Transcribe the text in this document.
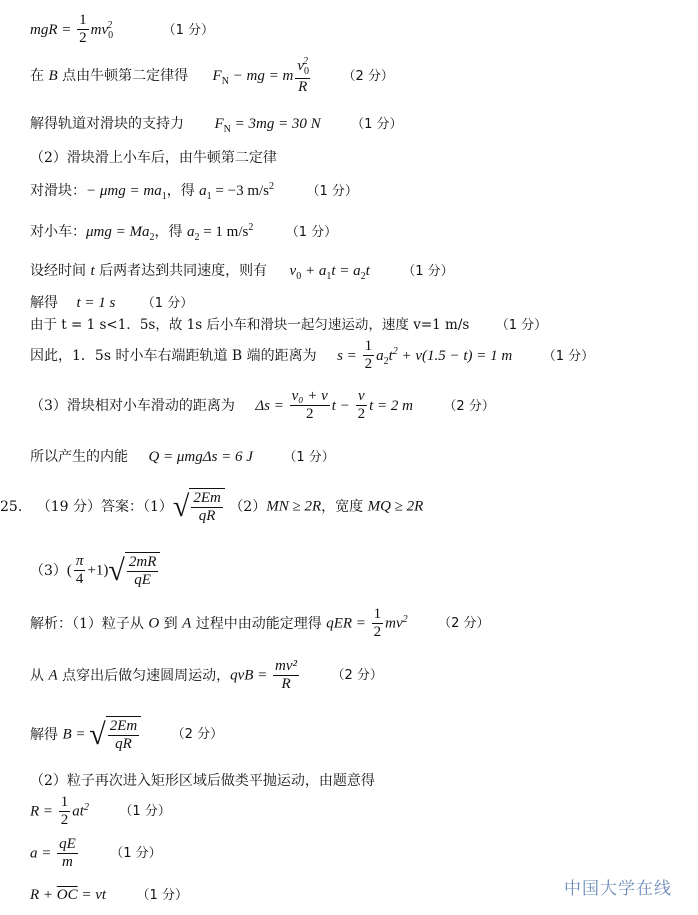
mgR = $\frac{1}{2} mv_0^2$	（1 分）
在 B 点由牛顿第二定律得 $F_N$ − mg = m $\frac{v_0^2}{R} (2$ 分）
解得轨道对滑块的支持力 $F_N = 3mg = 30$ N （1 分）
（2）滑块滑上小车后，由牛顿第二定律
对滑块：− $\mu mg = ma_1$，得 $a_1 = -3$ $m/s^2$ （1 分）
对小车：$\mu mg = Ma_2$，得 $a_2 = 1$ $m/s^2$ （1 分）
设经时间 t 后两者达到共同速度，则有 $v_0 + a_1t = a_2t$ （1 分）
解得 t = 1 s （1 分）
由于 t = 1 s<1．5s，故 1s 后小车和滑块一起匀速运动，速度 v=1 m/s （1 分）
因此，1．5s 时小车右端距轨道 B 端的距离为 $s = \frac{1}{2} a_2t^2 + v(1.5 - t) = 1$ m （1 分）
（3）滑块相对小车滑动的距离为 $\Delta s = \frac{\text{v₀ + v}}{2}$ $t - \frac{v}{2}$ t = 2 m （2 分）
所以产生的内能 Q = μmgΔs = 6 J （1 分）
25. （19 分）答案：$(1)√ \frac{2Em}{qR} (2)MN \ge 2R$，宽度 MQ ≥ 2R
$(3)( \frac{\pi}{4} +1)√ \frac{2mR}{qE}$
解析：（1）粒子从 O 到 A 过程中由动能定理得 qER = $\frac{1}{2} mv^2$ （2 分）
从 A 点穿出后做匀速圆周运动，qvB = $\frac{\text{mv²}}{R} (2$ 分）
解得 B = √ $\frac{2Em}{qR} (2$ 分）
（2）粒子再次进入矩形区域后做类平抛运动，由题意得
$R = \frac{1}{2} at^2$ （1 分）
$a = \frac{qE}{m} (1$ 分）
$R + \overline{OC}$ = vt （1 分）	中国大学在线
